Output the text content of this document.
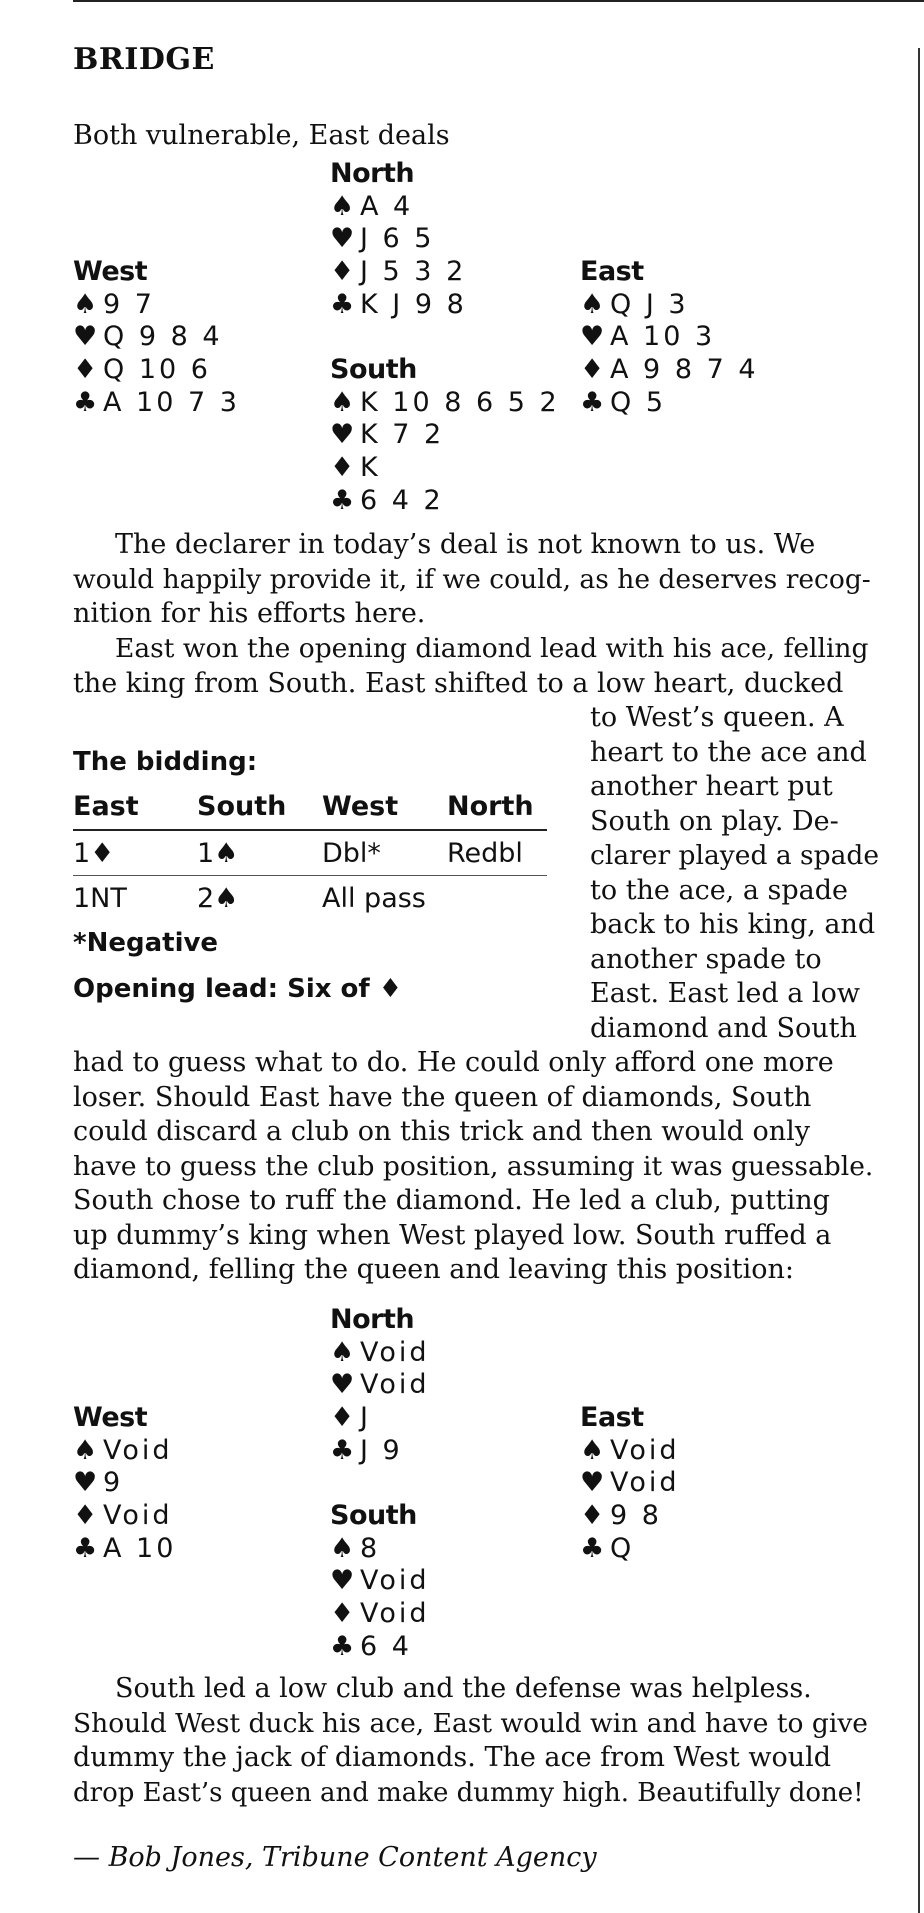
BRIDGE
Both vulnerable, East deals
North
♠ A 4
♥ J 6 5
♦ J 5 3 2
♣ K J 9 8
West
♠ 9 7
♥ Q 9 8 4
♦ Q 10 6
♣ A 10 7 3
East
♠ Q J 3
♥ A 10 3
♦ A 9 8 7 4
♣ Q 5
South
♠ K 10 8 6 5 2
♥ K 7 2
♦ K
♣ 6 4 2
The declarer in today’s deal is not known to us. We
would happily provide it, if we could, as he deserves recog-
nition for his efforts here.
East won the opening diamond lead with his ace, felling
the king from South. East shifted to a low heart, ducked
to West’s queen. A
heart to the ace and
another heart put
South on play. De-
clarer played a spade
to the ace, a spade
back to his king, and
another spade to
East. East led a low
diamond and South
had to guess what to do. He could only afford one more
loser. Should East have the queen of diamonds, South
could discard a club on this trick and then would only
have to guess the club position, assuming it was guessable.
South chose to ruff the diamond. He led a club, putting
up dummy’s king when West played low. South ruffed a
diamond, felling the queen and leaving this position:
The bidding:
East	South	West	North
1♦	1♠	Dbl*	Redbl
1NT	2♠	All pass	
*Negative
Opening lead: Six of ♦
North
♠ Void
♥ Void
♦ J
♣ J 9
West
♠ Void
♥ 9
♦ Void
♣ A 10
East
♠ Void
♥ Void
♦ 9 8
♣ Q
South
♠ 8
♥ Void
♦ Void
♣ 6 4
South led a low club and the defense was helpless.
Should West duck his ace, East would win and have to give
dummy the jack of diamonds. The ace from West would
drop East’s queen and make dummy high. Beautifully done!
— Bob Jones, Tribune Content Agency
